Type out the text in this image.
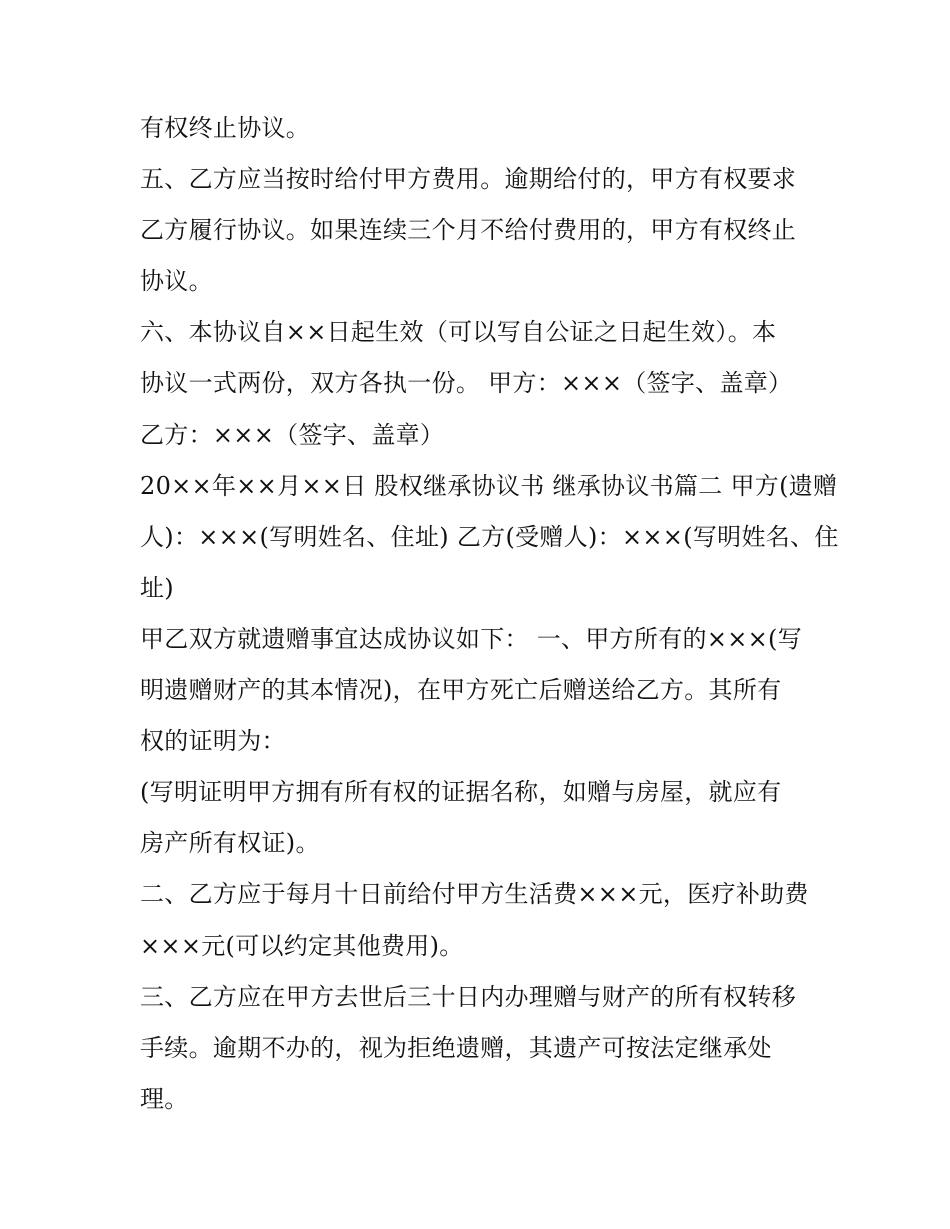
有权终止协议。
五、乙方应当按时给付甲方费用。逾期给付的，甲方有权要求
乙方履行协议。如果连续三个月不给付费用的，甲方有权终止
协议。
六、本协议自××日起生效（可以写自公证之日起生效）。本
协议一式两份，双方各执一份。 甲方：×××（签字、盖章）
乙方：×××（签字、盖章）
20××年××月××日 股权继承协议书 继承协议书篇二 甲方(遗赠
人)：×××(写明姓名、住址) 乙方(受赠人)：×××(写明姓名、住
址)
甲乙双方就遗赠事宜达成协议如下： 一、甲方所有的×××(写
明遗赠财产的其本情况)，在甲方死亡后赠送给乙方。其所有
权的证明为：
(写明证明甲方拥有所有权的证据名称，如赠与房屋，就应有
房产所有权证)。
二、乙方应于每月十日前给付甲方生活费×××元，医疗补助费
×××元(可以约定其他费用)。
三、乙方应在甲方去世后三十日内办理赠与财产的所有权转移
手续。逾期不办的，视为拒绝遗赠，其遗产可按法定继承处
理。
